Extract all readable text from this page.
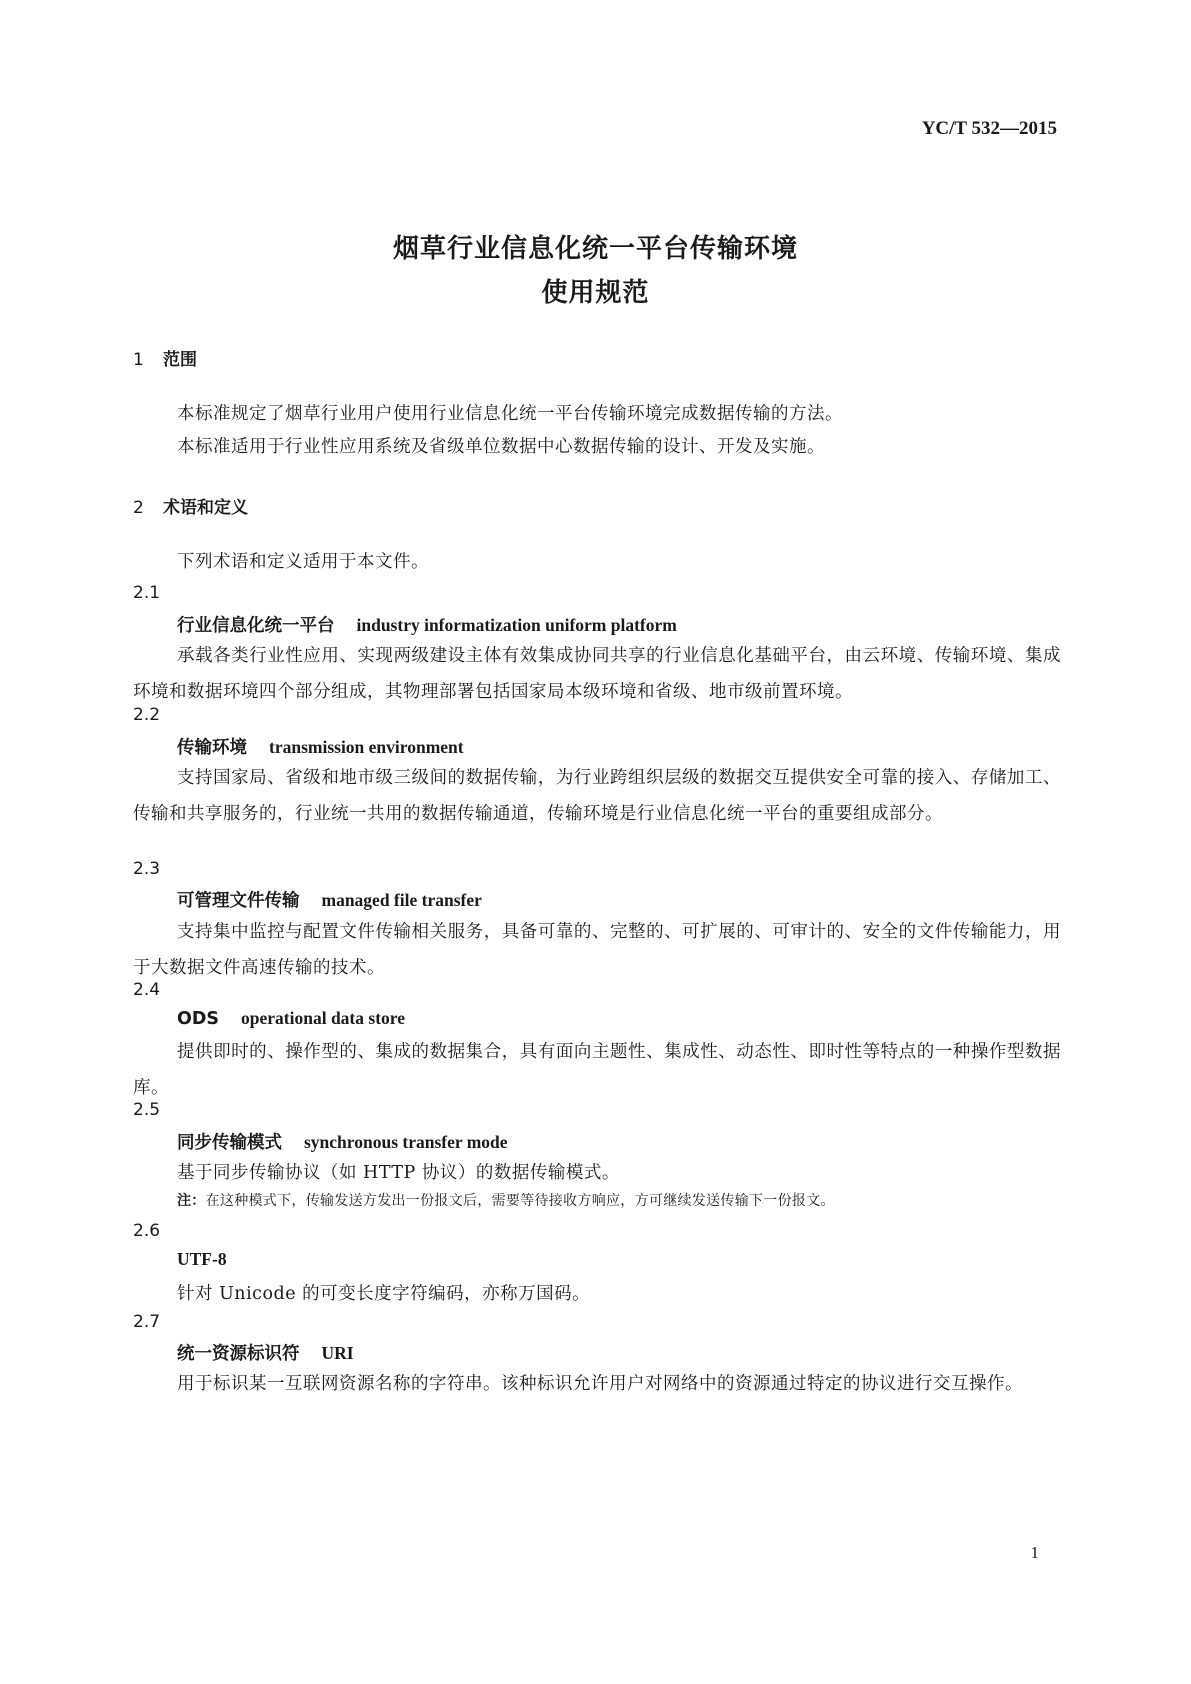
YC/T 532—2015
烟草行业信息化统一平台传输环境
使用规范
1 范围
本标准规定了烟草行业用户使用行业信息化统一平台传输环境完成数据传输的方法。
本标准适用于行业性应用系统及省级单位数据中心数据传输的设计、开发及实施。
2 术语和定义
下列术语和定义适用于本文件。
2.1
行业信息化统一平台 industry informatization uniform platform
承载各类行业性应用、实现两级建设主体有效集成协同共享的行业信息化基础平台，由云环境、传输环境、集成环境和数据环境四个部分组成，其物理部署包括国家局本级环境和省级、地市级前置环境。
2.2
传输环境 transmission environment
支持国家局、省级和地市级三级间的数据传输，为行业跨组织层级的数据交互提供安全可靠的接入、存储加工、传输和共享服务的，行业统一共用的数据传输通道，传输环境是行业信息化统一平台的重要组成部分。
2.3
可管理文件传输 managed file transfer
支持集中监控与配置文件传输相关服务，具备可靠的、完整的、可扩展的、可审计的、安全的文件传输能力，用于大数据文件高速传输的技术。
2.4
ODS operational data store
提供即时的、操作型的、集成的数据集合，具有面向主题性、集成性、动态性、即时性等特点的一种操作型数据库。
2.5
同步传输模式 synchronous transfer mode
基于同步传输协议（如 HTTP 协议）的数据传输模式。
注：在这种模式下，传输发送方发出一份报文后，需要等待接收方响应，方可继续发送传输下一份报文。
2.6
UTF-8
针对 Unicode 的可变长度字符编码，亦称万国码。
2.7
统一资源标识符 URI
用于标识某一互联网资源名称的字符串。该种标识允许用户对网络中的资源通过特定的协议进行交互操作。
1
